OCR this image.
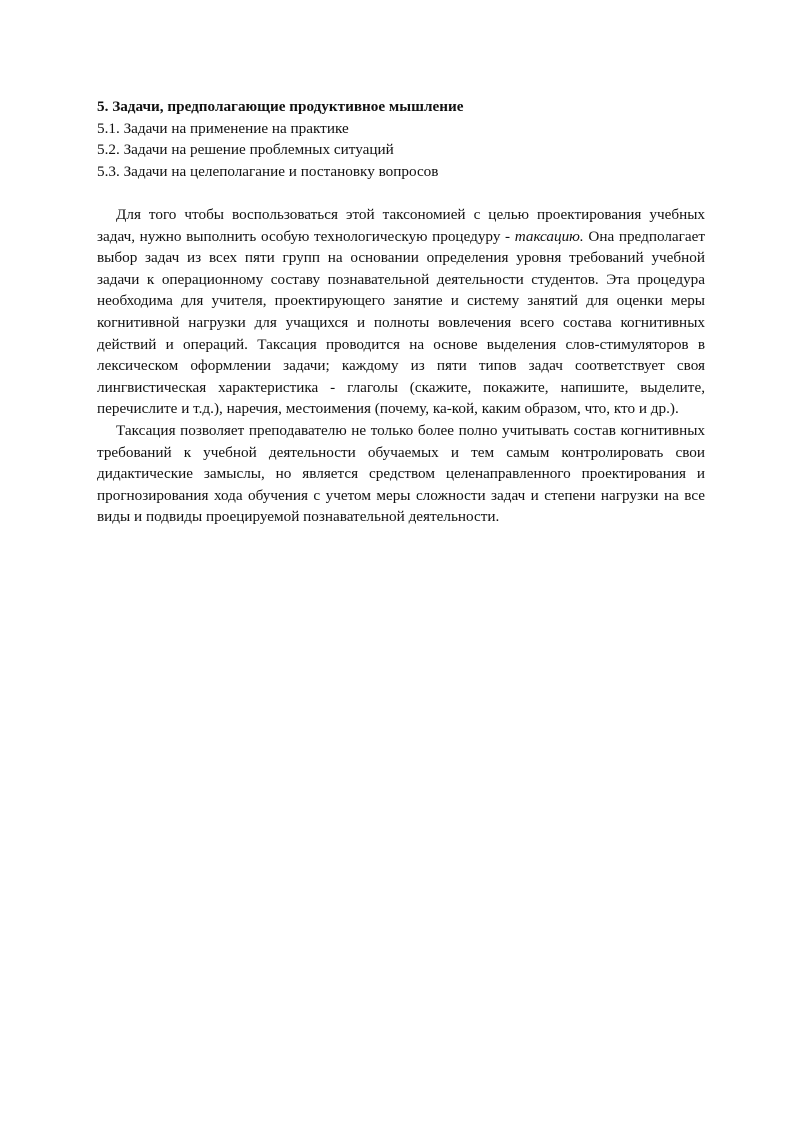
5. Задачи, предполагающие продуктивное мышление

5.1. Задачи на применение на практике

5.2. Задачи на решение проблемных ситуаций

5.3. Задачи на целеполагание и постановку вопросов

Для того чтобы воспользоваться этой таксономией с целью проектирования учебных задач, нужно выполнить особую технологическую процедуру - таксацию. Она предполагает выбор задач из всех пяти групп на основании определения уровня требований учебной задачи к операционному составу познавательной деятельности студентов. Эта процедура необходима для учителя, проектирующего занятие и систему занятий для оценки меры когнитивной нагрузки для учащихся и полноты вовлечения всего состава когнитивных действий и операций. Таксация проводится на основе выделения слов-стимуляторов в лексическом оформлении задачи; каждому из пяти типов задач соответствует своя лингвистическая характеристика - глаголы (скажите, покажите, напишите, выделите, перечислите и т.д.), наречия, местоимения (почему, ка-кой, каким образом, что, кто и др.).

Таксация позволяет преподавателю не только более полно учитывать состав когнитивных требований к учебной деятельности обучаемых и тем самым контролировать свои дидактические замыслы, но является средством целенаправленного проектирования и прогнозирования хода обучения с учетом меры сложности задач и степени нагрузки на все виды и подвиды проецируемой познавательной деятельности.
